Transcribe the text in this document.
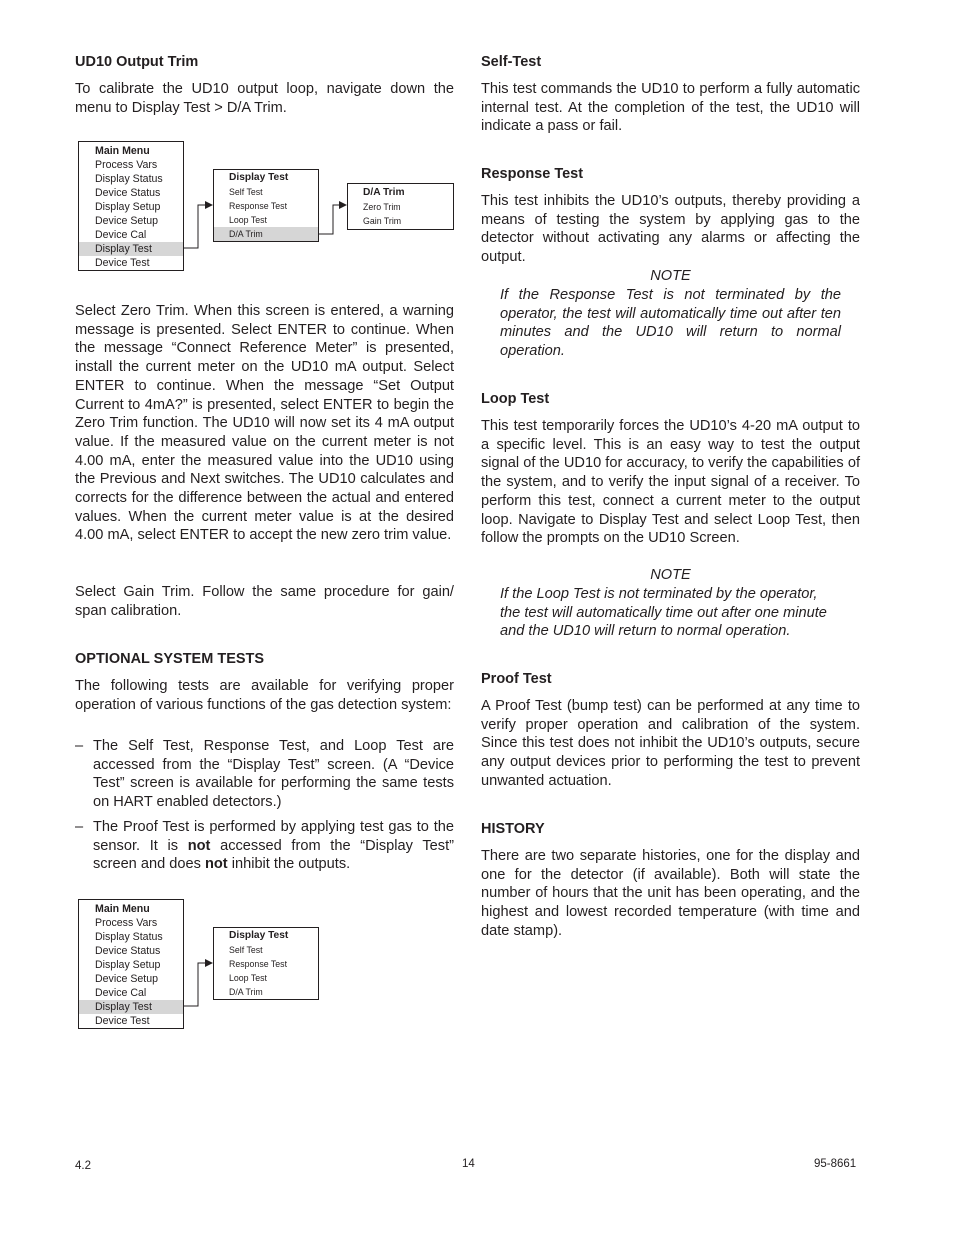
UD10 Output Trim

To calibrate the UD10 output loop, navigate down the menu to Display Test > D/A Trim.

Select Zero Trim. When this screen is entered, a warning message is presented. Select ENTER to continue. When the message “Connect Reference Meter” is presented, install the current meter on the UD10 mA output. Select ENTER to continue. When the message “Set Output Current to 4mA?” is presented, select ENTER to begin the Zero Trim function. The UD10 will now set its 4 mA output value. If the measured value on the current meter is not 4.00 mA, enter the measured value into the UD10 using the Previous and Next switches. The UD10 calculates and corrects for the difference between the actual and entered values. When the current meter value is at the desired 4.00 mA, select ENTER to accept the new zero trim value.

Select Gain Trim. Follow the same procedure for gain/ span calibration.

OPTIONAL SYSTEM TESTS

The following tests are available for verifying proper operation of various functions of the gas detection system:

– The Self Test, Response Test, and Loop Test are accessed from the “Display Test” screen. (A “Device Test” screen is available for performing the same tests on HART enabled detectors.)

– The Proof Test is performed by applying test gas to the sensor. It is not accessed from the “Display Test” screen and does not inhibit the outputs.

Main Menu
Process Vars
Display Status
Device Status
Display Setup
Device Setup
Device Cal
Display Test
Device Test
Display Test
Self Test
Response Test
Loop Test
D/A Trim
D/A Trim
Zero Trim
Gain Trim
Main Menu
Process Vars
Display Status
Device Status
Display Setup
Device Setup
Device Cal
Display Test
Device Test
Display Test
Self Test
Response Test
Loop Test
D/A Trim
Self-Test

This test commands the UD10 to perform a fully automatic internal test. At the completion of the test, the UD10 will indicate a pass or fail.

Response Test

This test inhibits the UD10’s outputs, thereby providing a means of testing the system by applying gas to the detector without activating any alarms or affecting the output.

NOTE

If the Response Test is not terminated by the operator, the test will automatically time out after ten minutes and the UD10 will return to normal operation.

Loop Test

This test temporarily forces the UD10’s 4-20 mA output to a specific level. This is an easy way to test the output signal of the UD10 for accuracy, to verify the capabilities of the system, and to verify the input signal of a receiver. To perform this test, connect a current meter to the output loop. Navigate to Display Test and select Loop Test, then follow the prompts on the UD10 Screen.

NOTE

If the Loop Test is not terminated by the operator, the test will automatically time out after one minute and the UD10 will return to normal operation.

Proof Test

A Proof Test (bump test) can be performed at any time to verify proper operation and calibration of the system. Since this test does not inhibit the UD10’s outputs, secure any output devices prior to performing the test to prevent unwanted actuation.

HISTORY

There are two separate histories, one for the display and one for the detector (if available). Both will state the number of hours that the unit has been operating, and the highest and lowest recorded temperature (with time and date stamp).

4.2	14	95-8661
